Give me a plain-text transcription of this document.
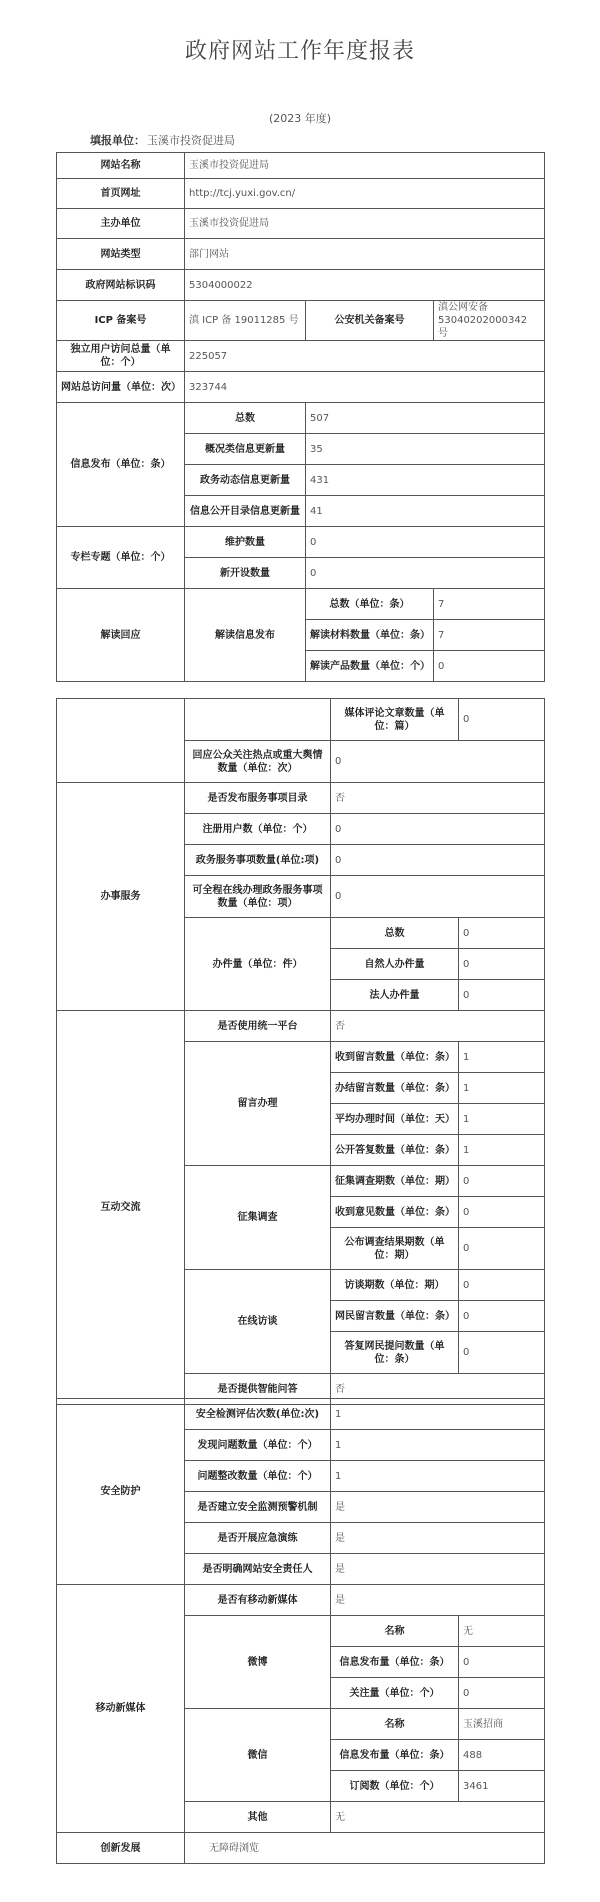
政府网站工作年度报表
(2023 年度)
填报单位： 玉溪市投资促进局
网站名称	玉溪市投资促进局		
首页网址	http://tcj.yuxi.gov.cn/		
主办单位	玉溪市投资促进局		
网站类型	部门网站		
政府网站标识码	5304000022		
ICP 备案号	滇 ICP 备 19011285 号	公安机关备案号	滇公网安备 53040202000342 号
独立用户访问总量（单位：个）	225057		
网站总访问量（单位：次）	323744		
信息发布（单位：条）	总数	507	
	概况类信息更新量	35	
	政务动态信息更新量	431	
	信息公开目录信息更新量	41	
专栏专题（单位：个）	维护数量	0	
	新开设数量	0	
解读回应	解读信息发布	总数（单位：条）	7
		解读材料数量（单位：条）	7
		解读产品数量（单位：个）	0
		媒体评论文章数量（单位：篇）	0
	回应公众关注热点或重大舆情数量（单位：次）	0	
办事服务	是否发布服务事项目录	否	
	注册用户数（单位：个）	0	
	政务服务事项数量(单位:项)	0	
	可全程在线办理政务服务事项数量（单位：项）	0	
	办件量（单位：件）	总数	0
		自然人办件量	0
		法人办件量	0
互动交流	是否使用统一平台	否	
	留言办理	收到留言数量（单位：条）	1
		办结留言数量（单位：条）	1
		平均办理时间（单位：天）	1
		公开答复数量（单位：条）	1
	征集调查	征集调查期数（单位：期）	0
		收到意见数量（单位：条）	0
		公布调查结果期数（单位：期）	0
	在线访谈	访谈期数（单位：期）	0
		网民留言数量（单位：条）	0
		答复网民提问数量（单位：条）	0
	是否提供智能问答	否	
安全防护	安全检测评估次数(单位:次)	1	
	发现问题数量（单位：个）	1	
	问题整改数量（单位：个）	1	
	是否建立安全监测预警机制	是	
	是否开展应急演练	是	
	是否明确网站安全责任人	是	
移动新媒体	是否有移动新媒体	是	
	微博	名称	无
		信息发布量（单位：条）	0
		关注量（单位：个）	0
	微信	名称	玉溪招商
		信息发布量（单位：条）	488
		订阅数（单位：个）	3461
	其他	无	
创新发展	无障碍浏览		
